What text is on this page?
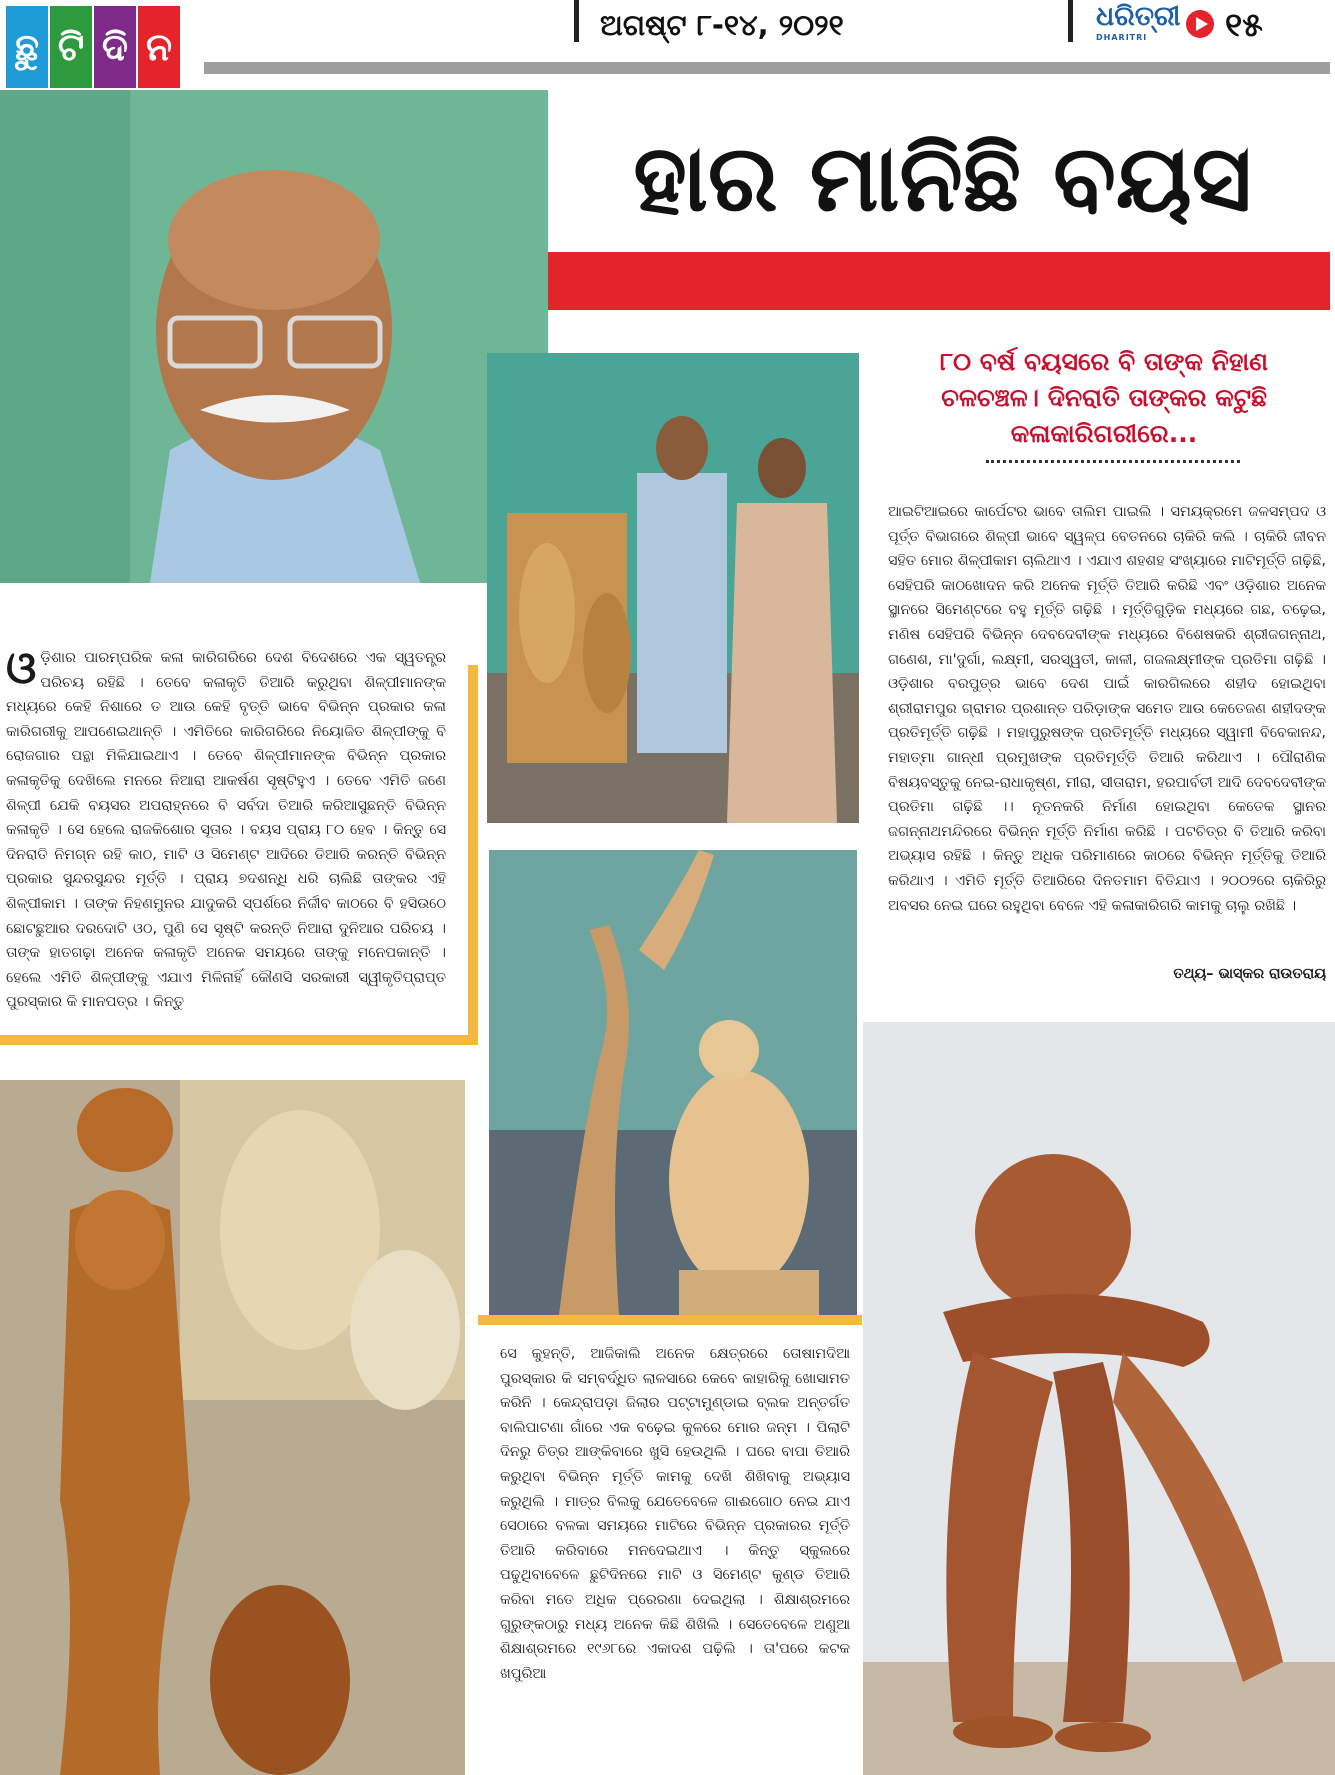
ଛୁ ଟି ଦି ନ	ଅଗଷ୍ଟ ୮-୧୪, ୨୦୨୧	ଧରିତ୍ରୀ
DHARITRI	୧୫
ହାର ମାନିଛି ବୟସ
୮୦ ବର୍ଷ ବୟସରେ ବି ତାଙ୍କ ନିହାଣ
ଚଳଚଞ୍ଚଳ। ଦିନରାତି ତାଙ୍କର କଟୁଛି
କଳାକାରିଗରୀରେ...
ଓଡ଼ିଶାର ପାରମ୍ପରିକ କଳା କାରିଗରିରେ ଦେଶ ବିଦେଶରେ ଏକ ସ୍ୱତନ୍ତ୍ର ପରିଚୟ ରହିଛି । ତେବେ କଳାକୃତି ତିଆରି କରୁଥିବା ଶିଳ୍ପୀମାନଙ୍କ ମଧ୍ୟରେ କେହି ନିଶାରେ ତ ଆଉ କେହି ବୃତ୍ତି ଭାବେ ବିଭିନ୍ନ ପ୍ରକାର କଳା କାରିଗରୀକୁ ଆପଣେଇଥାନ୍ତି । ଏମିତିରେ କାରିଗରିରେ ନିୟୋଜିତ ଶିଳ୍ପୀଙ୍କୁ ବି ରୋଜଗାର ପନ୍ଥା ମିଳିଯାଇଥାଏ । ତେବେ ଶିଳ୍ପୀମାନଙ୍କ ବିଭିନ୍ନ ପ୍ରକାର କଳାକୃତିକୁ ଦେଖିଲେ ମନରେ ନିଆରା ଆକର୍ଷଣ ସୃଷ୍ଟିହୁଏ । ତେବେ ଏମିତି ଜଣେ ଶିଳ୍ପୀ ଯେକି ବୟସର ଅପରାହ୍ନରେ ବି ସର୍ବଦା ତିଆରି କରିଆସୁଛନ୍ତି ବିଭିନ୍ନ କଳାକୃତି । ସେ ହେଲେ ରାଜକିଶୋର ସୂତାର । ବୟସ ପ୍ରାୟ ୮୦ ହେବ । କିନ୍ତୁ ସେ ଦିନରାତି ନିମଗ୍ନ ରହି କାଠ, ମାଟି ଓ ସିମେଣ୍ଟ ଆଦିରେ ତିଆରି କରନ୍ତି ବିଭିନ୍ନ ପ୍ରକାର ସୁନ୍ଦରସୁନ୍ଦର ମୂର୍ତ୍ତି । ପ୍ରାୟ ୭ଦଶନ୍ଧି ଧରି ଚାଲିଛି ତାଙ୍କର ଏହି ଶିଳ୍ପୀକାମ । ତାଙ୍କ ନିହଣମୁନର ଯାଦୁକରି ସ୍ପର୍ଶରେ ନିର୍ଜୀବ କାଠରେ ବି ହସିଉଠେ ଛୋଟଛୁଆର ଦରଦୋଟି ଓଠ, ପୁଣି ସେ ସୃଷ୍ଟି କରନ୍ତି ନିଆରା ଦୁନିଆର ପରିଚୟ । ତାଙ୍କ ହାତଗଢ଼ା ଅନେକ କଳାକୃତି ଅନେକ ସମୟରେ ତାଙ୍କୁ ମନେପକାନ୍ତି । ହେଲେ ଏମିତି ଶିଳ୍ପୀଙ୍କୁ ଏଯାଏ ମିଳିନାହିଁ କୌଣସି ସରକାରୀ ସ୍ୱୀକୃତିପ୍ରାପ୍ତ ପୁରସ୍କାର କି ମାନପତ୍ର । କିନ୍ତୁ
ଆଇଟିଆଇରେ କାର୍ପେଟର ଭାବେ ତାଲିମ ପାଇଲି । ସମୟକ୍ରମେ ଜଳସମ୍ପଦ ଓ ପୂର୍ତ୍ତ ବିଭାଗରେ ଶିଳ୍ପୀ ଭାବେ ସ୍ୱଳ୍ପ ବେତନରେ ଚାକିରି କଲି । ଚାକିରି ଜୀବନ ସହିତ ମୋର ଶିଳ୍ପୀକାମ ଚାଲିଥାଏ । ଏଯାଏ ଶହଶହ ସଂଖ୍ୟାରେ ମାଟିମୂର୍ତ୍ତି ଗଢ଼ିଛି, ସେହିପରି କାଠଖୋଦନ କରି ଅନେକ ମୂର୍ତ୍ତି ତିଆରି କରିଛି ଏବଂ ଓଡ଼ିଶାର ଅନେକ ସ୍ଥାନରେ ସିମେଣ୍ଟରେ ବହୁ ମୂର୍ତ୍ତି ଗଢ଼ିଛି । ମୂର୍ତ୍ତିଗୁଡ଼ିକ ମଧ୍ୟରେ ଗଛ, ଚଢ଼େଇ, ମଣିଷ ସେହିପରି ବିଭିନ୍ନ ଦେବଦେବୀଙ୍କ ମଧ୍ୟରେ ବିଶେଷକରି ଶ୍ରୀଜଗନ୍ନାଥ, ଗଣେଶ, ମା'ଦୁର୍ଗା, ଲକ୍ଷ୍ମୀ, ସରସ୍ୱତୀ, କାଳୀ, ଗଜଲକ୍ଷ୍ମୀଙ୍କ ପ୍ରତିମା ଗଢ଼ିଛି । ଓଡ଼ିଶାର ବରପୁତ୍ର ଭାବେ ଦେଶ ପାଇଁ କାରଗିଲରେ ଶହୀଦ ହୋଇଥିବା ଶ୍ରୀରାମପୁର ଗ୍ରାମର ପ୍ରଶାନ୍ତ ପରିଡ଼ାଙ୍କ ସମେତ ଆଉ କେତେଜଣ ଶହୀଦଙ୍କ ପ୍ରତିମୂର୍ତ୍ତି ଗଢ଼ିଛି । ମହାପୁରୁଷଙ୍କ ପ୍ରତିମୂର୍ତ୍ତି ମଧ୍ୟରେ ସ୍ୱାମୀ ବିବେକାନନ୍ଦ, ମହାତ୍ମା ଗାନ୍ଧୀ ପ୍ରମୁଖଙ୍କ ପ୍ରତିମୂର୍ତ୍ତି ତିଆରି କରିଥାଏ । ପୌରାଣିକ ବିଷୟବସ୍ତୁକୁ ନେଇ-ରାଧାକୃଷ୍ଣ, ମୀରା, ସୀତାରାମ, ହରପାର୍ବତୀ ଆଦି ଦେବଦେବୀଙ୍କ ପ୍ରତିମା ଗଢ଼ିଛି ।। ନୂତନକରି ନିର୍ମାଣ ହୋଇଥିବା କେତେକ ସ୍ଥାନର ଜଗନ୍ନାଥମନ୍ଦିରରେ ବିଭିନ୍ନ ମୂର୍ତ୍ତି ନିର୍ମାଣ କରିଛି । ପଟଚିତ୍ର ବି ତିଆରି କରିବା ଅଭ୍ୟାସ ରହିଛି । କିନ୍ତୁ ଅଧିକ ପରିମାଣରେ କାଠରେ ବିଭିନ୍ନ ମୂର୍ତ୍ତିକୁ ତିଆରି କରିଥାଏ । ଏମିତି ମୂର୍ତ୍ତି ତିଆରିରେ ଦିନତମାମ ବିତିଯାଏ । ୨୦୦୨ରେ ଚାକିରିରୁ ଅବସର ନେଇ ଘରେ ରହୁଥିବା ବେଳେ ଏହି କଳାକାରିଗରି କାମକୁ ଚାଲୁ ରଖିଛି ।
ତଥ୍ୟ– ଭାସ୍କର ରାଉତରାୟ
ସେ କୁହନ୍ତି, ଆଜିକାଲି ଅନେକ କ୍ଷେତ୍ରରେ ତୋଷାମଦିଆ ପୁରସ୍କାର କି ସମ୍ବର୍ଦ୍ଧିତ ଲାଳସାରେ କେବେ କାହାରିକୁ ଖୋସାମତ କରିନି । କେନ୍ଦ୍ରାପଡ଼ା ଜିଲାର ପଟ୍ଟାମୁଣ୍ଡାଇ ବ୍ଲକ ଅନ୍ତର୍ଗତ ବାଲିପାଟଣା ଗାଁରେ ଏକ ବଢ଼େଇ କୁଳରେ ମୋର ଜନ୍ମ । ପିଲାଟି ଦିନରୁ ଚିତ୍ର ଆଙ୍କିବାରେ ଖୁସି ହେଉଥିଲି । ଘରେ ବାପା ତିଆରି କରୁଥିବା ବିଭିନ୍ନ ମୂର୍ତ୍ତି କାମକୁ ଦେଖି ଶିଖିବାକୁ ଅଭ୍ୟାସ କରୁଥିଲି । ମାତ୍ର ବିଲକୁ ଯେତେବେଳେ ଗାଈଗୋଠ ନେଇ ଯାଏ ସେଠାରେ ବଳକା ସମୟରେ ମାଟିରେ ବିଭିନ୍ନ ପ୍ରକାରର ମୂର୍ତ୍ତି ତିଆରି କରିବାରେ ମନଦେଇଥାଏ । କିନ୍ତୁ ସ୍କୁଲରେ ପଢୁଥିବାବେଳେ ଛୁଟିଦିନରେ ମାଟି ଓ ସିମେଣ୍ଟ କୁଣ୍ଡ ତିଆରି କରିବା ମତେ ଅଧିକ ପ୍ରେରଣା ଦେଇଥିଲା । ଶିକ୍ଷାଶ୍ରମରେ ଗୁରୁଙ୍କଠାରୁ ମଧ୍ୟ ଅନେକ କିଛି ଶିଖିଲି । ସେତେବେଳେ ଅଣୁଆ ଶିକ୍ଷାଶ୍ରମରେ ୧୯୬୮ରେ ଏକାଦଶ ପଢ଼ିଲି । ତା'ପରେ କଟକ ଖପୁରିଆ
